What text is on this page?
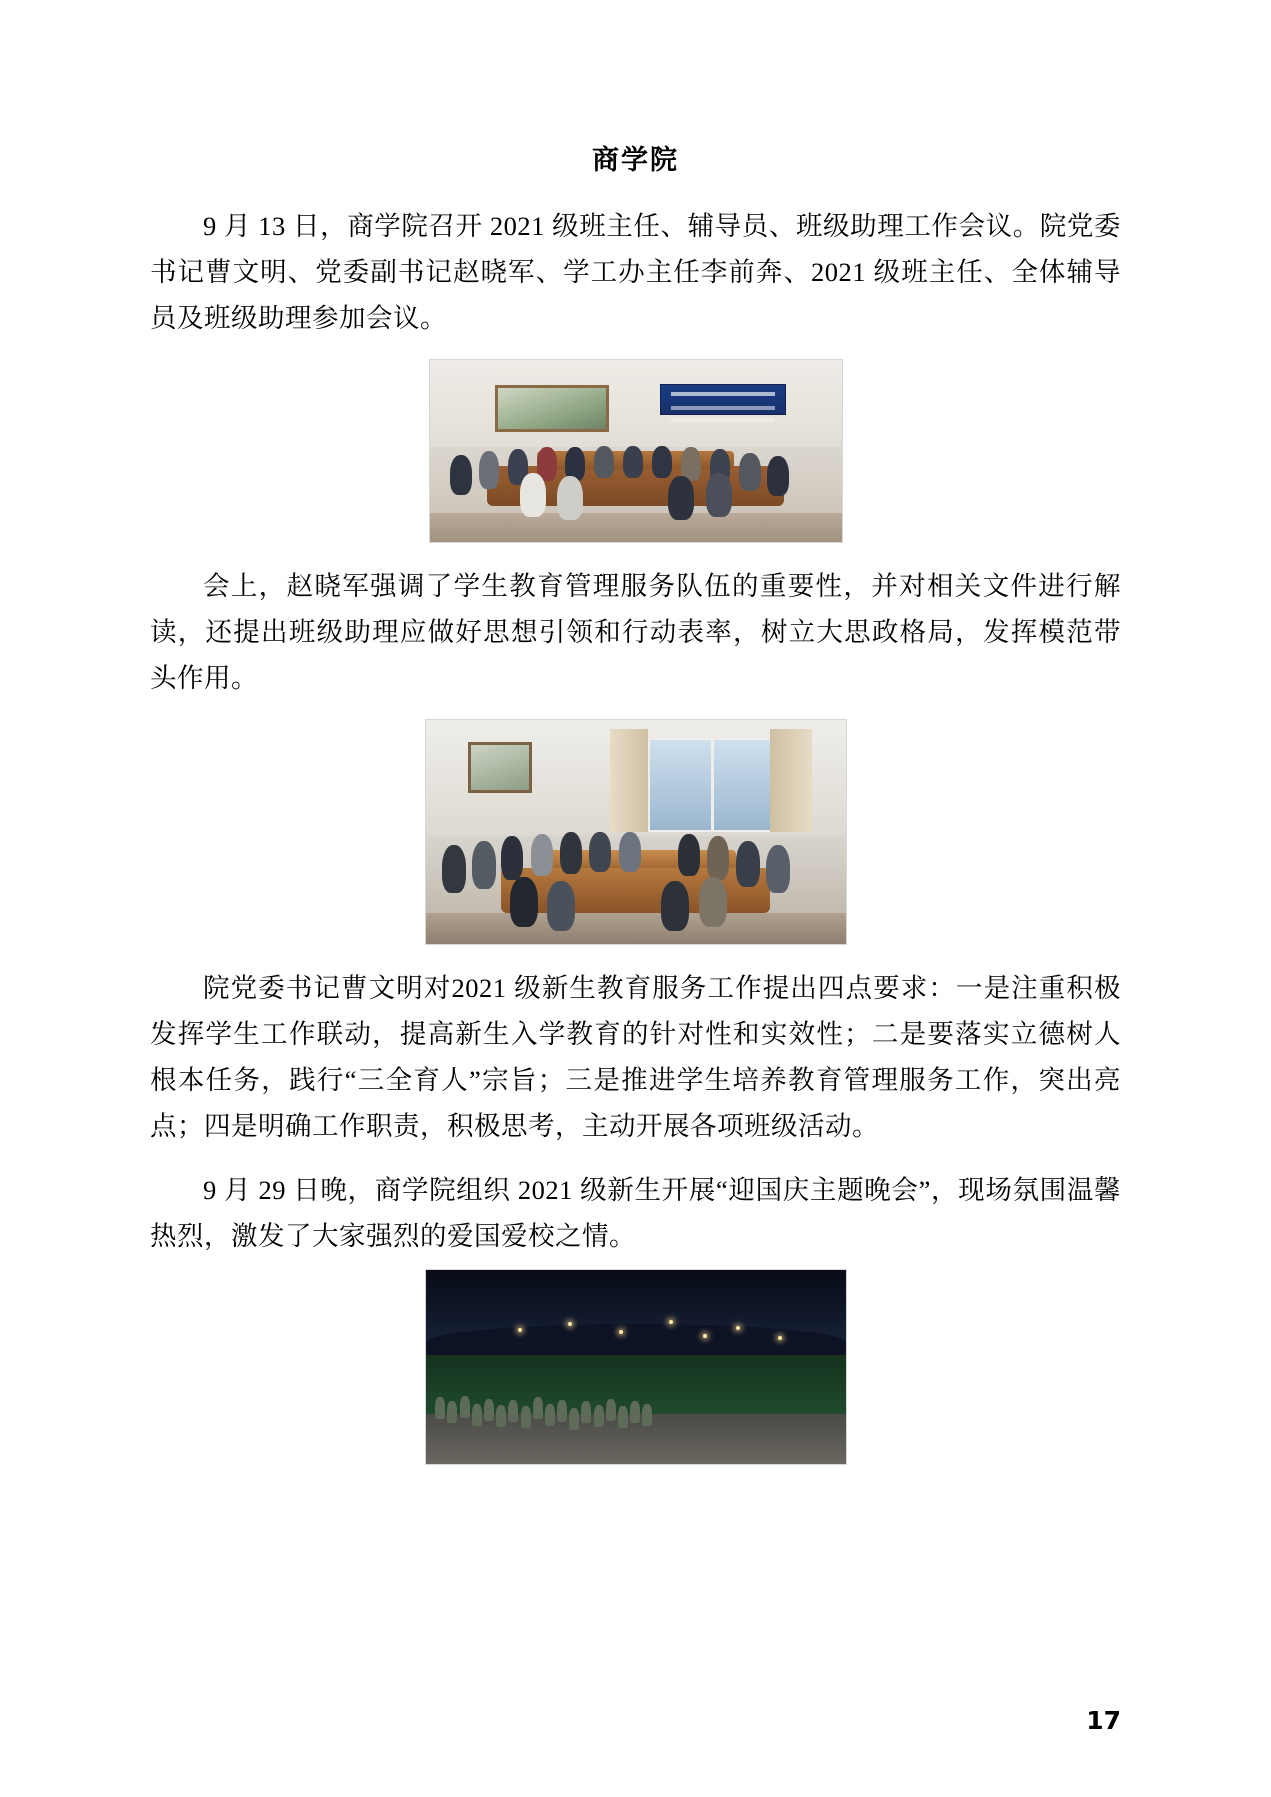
商学院

9 月 13 日，商学院召开 2021 级班主任、辅导员、班级助理工作会议。院党委书记曹文明、党委副书记赵晓军、学工办主任李前奔、2021 级班主任、全体辅导员及班级助理参加会议。

会上，赵晓军强调了学生教育管理服务队伍的重要性，并对相关文件进行解读，还提出班级助理应做好思想引领和行动表率，树立大思政格局，发挥模范带头作用。

院党委书记曹文明对2021 级新生教育服务工作提出四点要求：一是注重积极发挥学生工作联动，提高新生入学教育的针对性和实效性；二是要落实立德树人根本任务，践行“三全育人”宗旨；三是推进学生培养教育管理服务工作，突出亮点；四是明确工作职责，积极思考，主动开展各项班级活动。

9 月 29 日晚，商学院组织 2021 级新生开展“迎国庆主题晚会”，现场氛围温馨热烈，激发了大家强烈的爱国爱校之情。

17
